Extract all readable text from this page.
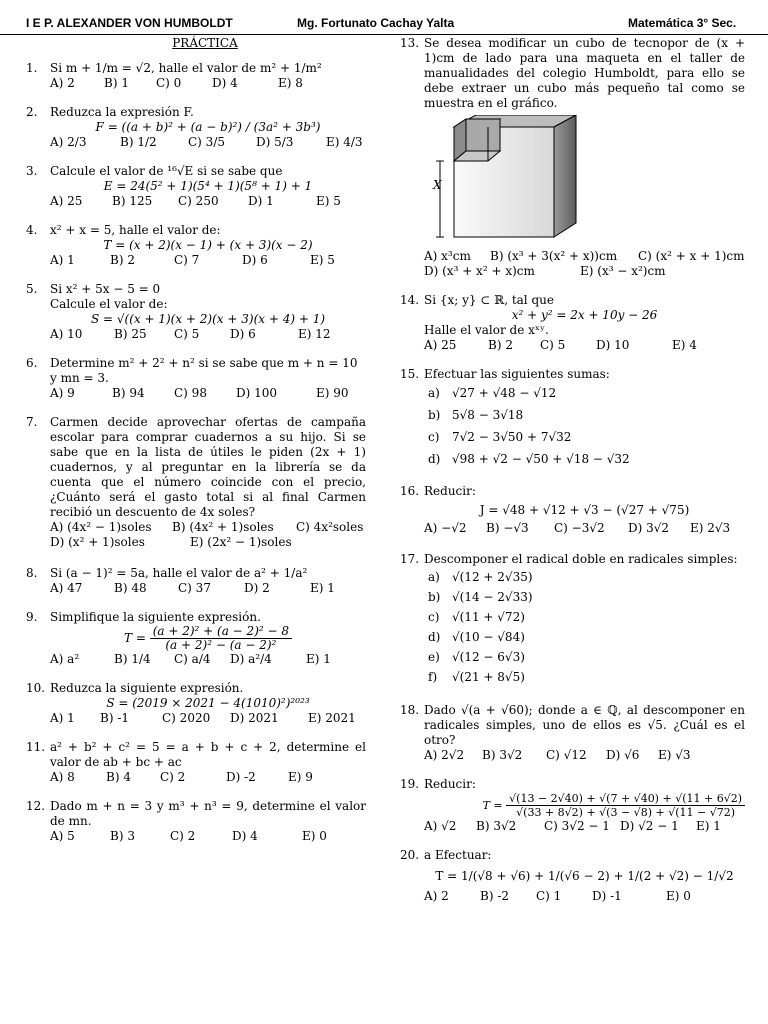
I E P. ALEXANDER VON HUMBOLDT	Mg. Fortunato Cachay Yalta	Matemática 3° Sec.
PRÁCTICA
1.	Si m + 1/m = √2, halle el valor de m² + 1/m²
A) 2	B) 1	C) 0	D) 4	E) 8
2.	Reduzca la expresión F.
F = ((a + b)² + (a − b)²) / (3a² + 3b³)
A) 2/3	B) 1/2	C) 3/5	D) 5/3	E) 4/3
3.	Calcule el valor de ¹⁶√E si se sabe que
E = 24(5² + 1)(5⁴ + 1)(5⁸ + 1) + 1
A) 25	B) 125	C) 250	D) 1	E) 5
4.	x² + x = 5, halle el valor de:
T = (x + 2)(x − 1) + (x + 3)(x − 2)
A) 1	B) 2	C) 7	D) 6	E) 5
5.	Si x² + 5x − 5 = 0
Calcule el valor de:
S = √((x + 1)(x + 2)(x + 3)(x + 4) + 1)
A) 10	B) 25	C) 5	D) 6	E) 12
6.	Determine m² + 2² + n² si se sabe que m + n = 10 y mn = 3.
A) 9	B) 94	C) 98	D) 100	E) 90
7.	Carmen decide aprovechar ofertas de campaña escolar para comprar cuadernos a su hijo. Si se sabe que en la lista de útiles le piden (2x + 1) cuadernos, y al preguntar en la librería se da cuenta que el número coincide con el precio, ¿Cuánto será el gasto total si al final Carmen recibió un descuento de 4x soles?
A) (4x² − 1)soles	B) (4x² + 1)soles	C) 4x²soles
D) (x² + 1)soles	E) (2x² − 1)soles
8.	Si (a − 1)² = 5a, halle el valor de a² + 1/a²
A) 47	B) 48	C) 37	D) 2	E) 1
9.	Simplifique la siguiente expresión.
$T = \frac{\text{(a + 2)² + (a − 2)² − 8}}{\text{(a + 2)² − (a − 2)²}}$
A) a²	B) 1/4	C) a/4	D) a²/4	E) 1
10. Reduzca la siguiente expresión.
S = (2019 × 2021 − 4(1010)²)²⁰²³
A) 1	B) -1	C) 2020	D) 2021	E) 2021
11. a² + b² + c² = 5 = a + b + c + 2, determine el valor de ab + bc + ac
A) 8	B) 4	C) 2	D) -2	E) 9
12. Dado m + n = 3 y m³ + n³ = 9, determine el valor de mn.
A) 5	B) 3	C) 2	D) 4	E) 0
13. Se desea modificar un cubo de tecnopor de (x + 1)cm de lado para una maqueta en el taller de manualidades del colegio Humboldt, para ello se debe extraer un cubo más pequeño tal como se muestra en el gráfico.
X
A) x³cm	B) (x³ + 3(x² + x))cm	C) (x² + x + 1)cm
D) (x³ + x² + x)cm	E) (x³ − x²)cm
14. Si {x; y} ⊂ ℝ, tal que
x² + y² = 2x + 10y − 26
Halle el valor de xˣʸ.
A) 25	B) 2	C) 5	D) 10	E) 4
15. Efectuar las siguientes sumas:
a)	√27 + √48 − √12
b) 5√8 − 3√18
c)	7√2 − 3√50 + 7√32
d) √98 + √2 − √50 + √18 − √32
16. Reducir:
J = √48 + √12 + √3 − (√27 + √75)
A) −√2	B) −√3	C) −3√2	D) 3√2	E) 2√3
17. Descomponer el radical doble en radicales simples:
a)	√(12 + 2√35)
b) √(14 − 2√33)
c)	√(11 + √72)
d) √(10 − √84)
e)	√(12 − 6√3)
f)	√(21 + 8√5)
18. Dado √(a + √60); donde a ∈ ℚ, al descomponer en radicales simples, uno de ellos es √5. ¿Cuál es el otro?
A) 2√2	B) 3√2	C) √12	D) √6	E) √3
19. Reducir:
$T = \frac{√(13 - 2√40) + √(7 + √40) + √(11 + 6√2)}{√(33 + 8√2) + √(3 - √8) + √(11 - √72)}$
A) √2	B) 3√2	C) 3√2 − 1 D) √2 − 1	E) 1
20. a Efectuar:
T = 1/(√8 + √6) + 1/(√6 − 2) + 1/(2 + √2) − 1/√2
A) 2	B) -2	C) 1	D) -1	E) 0
